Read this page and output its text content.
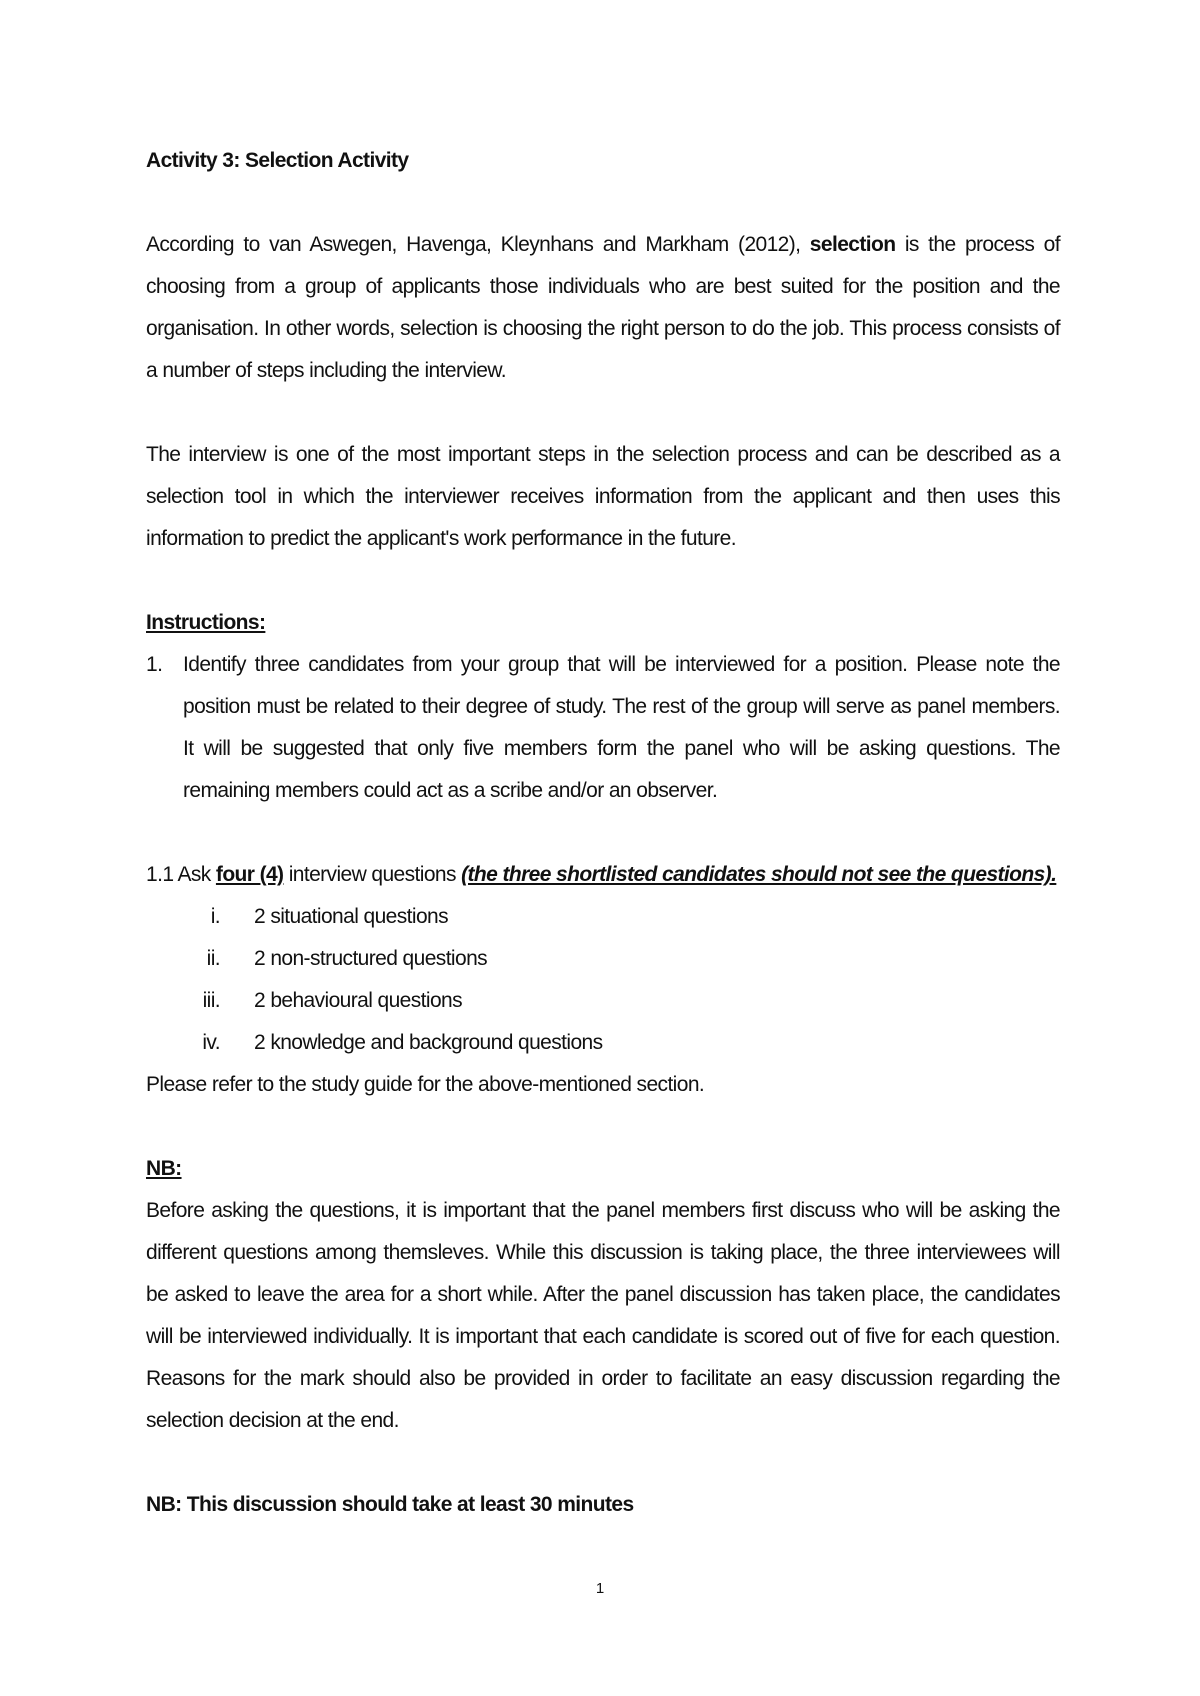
Activity 3: Selection Activity

According to van Aswegen, Havenga, Kleynhans and Markham (2012), selection is the process of choosing from a group of applicants those individuals who are best suited for the position and the organisation. In other words, selection is choosing the right person to do the job. This process consists of a number of steps including the interview.

The interview is one of the most important steps in the selection process and can be described as a selection tool in which the interviewer receives information from the applicant and then uses this information to predict the applicant's work performance in the future.

Instructions:

1. Identify three candidates from your group that will be interviewed for a position. Please note the position must be related to their degree of study. The rest of the group will serve as panel members. It will be suggested that only five members form the panel who will be asking questions. The remaining members could act as a scribe and/or an observer.

1.1 Ask four (4) interview questions (the three shortlisted candidates should not see the questions).

i.	2 situational questions
ii.	2 non-structured questions
iii.	2 behavioural questions
iv.	2 knowledge and background questions

Please refer to the study guide for the above-mentioned section.

NB:

Before asking the questions, it is important that the panel members first discuss who will be asking the different questions among themsleves. While this discussion is taking place, the three interviewees will be asked to leave the area for a short while. After the panel discussion has taken place, the candidates will be interviewed individually. It is important that each candidate is scored out of five for each question. Reasons for the mark should also be provided in order to facilitate an easy discussion regarding the selection decision at the end.

NB: This discussion should take at least 30 minutes

1
